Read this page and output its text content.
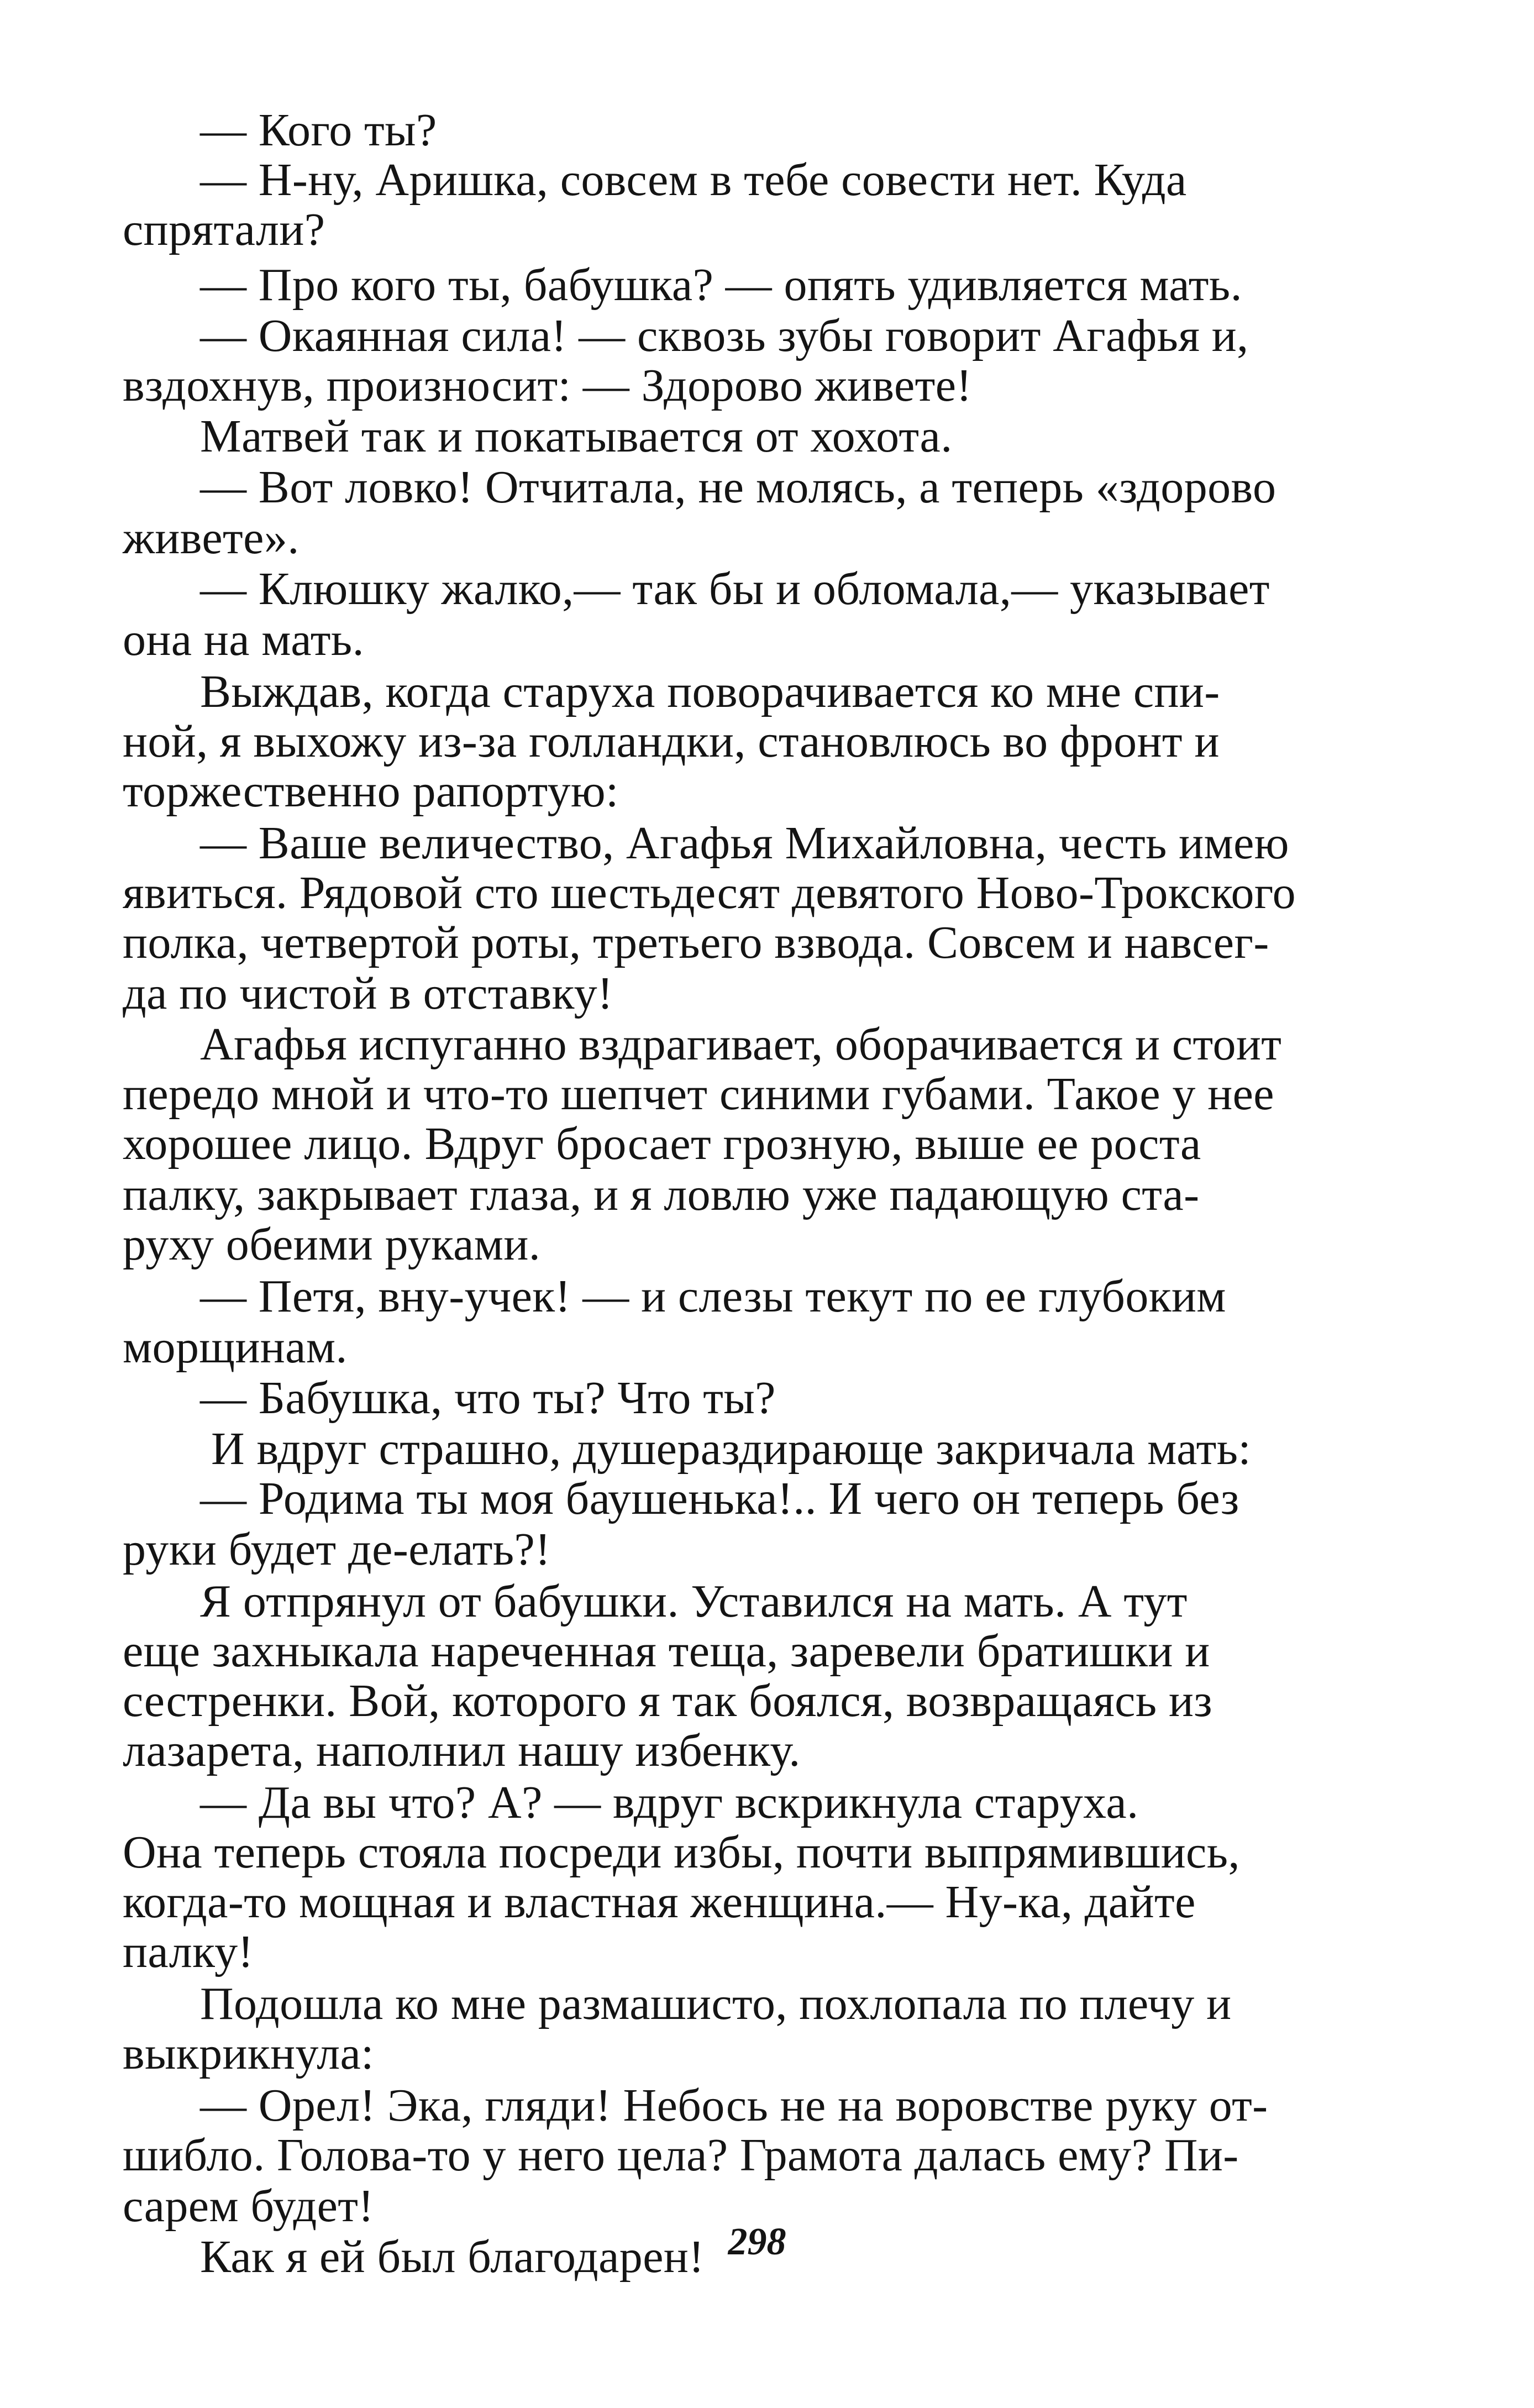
— Кого ты?
— Н-ну, Аришка, совсем в тебе совести нет. Куда
спрятали?
— Про кого ты, бабушка? — опять удивляется мать.
— Окаянная сила! — сквозь зубы говорит Агафья и,
вздохнув, произносит: — Здорово живете!
Матвей так и покатывается от хохота.
— Вот ловко! Отчитала, не молясь, а теперь «здорово
живете».
— Клюшку жалко,— так бы и обломала,— указывает
она на мать.
Выждав, когда старуха поворачивается ко мне спи-
ной, я выхожу из-за голландки, становлюсь во фронт и
торжественно рапортую:
— Ваше величество, Агафья Михайловна, честь имею
явиться. Рядовой сто шестьдесят девятого Ново-Трокского
полка, четвертой роты, третьего взвода. Совсем и навсег-
да по чистой в отставку!
Агафья испуганно вздрагивает, оборачивается и стоит
передо мной и что-то шепчет синими губами. Такое у нее
хорошее лицо. Вдруг бросает грозную, выше ее роста
палку, закрывает глаза, и я ловлю уже падающую ста-
руху обеими руками.
— Петя, вну-учек! — и слезы текут по ее глубоким
морщинам.
— Бабушка, что ты? Что ты?
И вдруг страшно, душераздирающе закричала мать:
— Родима ты моя баушенька!.. И чего он теперь без
руки будет де-елать?!
Я отпрянул от бабушки. Уставился на мать. А тут
еще захныкала нареченная теща, заревели братишки и
сестренки. Вой, которого я так боялся, возвращаясь из
лазарета, наполнил нашу избенку.
— Да вы что? А? — вдруг вскрикнула старуха.
Она теперь стояла посреди избы, почти выпрямившись,
когда-то мощная и властная женщина.— Ну-ка, дайте
палку!
Подошла ко мне размашисто, похлопала по плечу и
выкрикнула:
— Орел! Эка, гляди! Небось не на воровстве руку от-
шибло. Голова-то у него цела? Грамота далась ему? Пи-
сарем будет!
Как я ей был благодарен! 298
